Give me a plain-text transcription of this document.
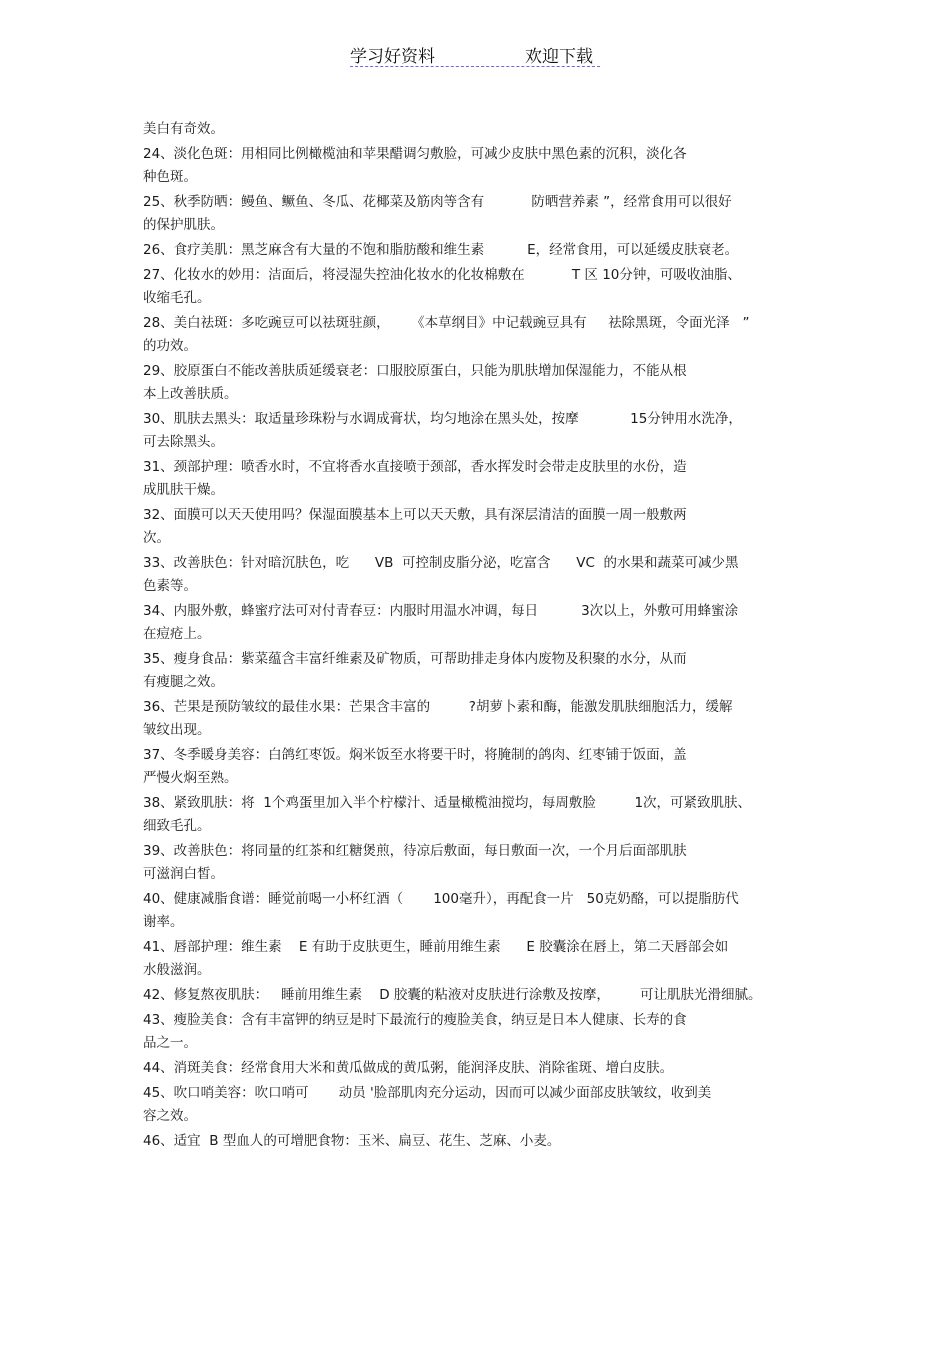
学习好资料	欢迎下载
美白有奇效。
24、淡化色斑：用相同比例橄榄油和苹果醋调匀敷脸，可减少皮肤中黑色素的沉积，淡化各
种色斑。
25、秋季防晒：鳗鱼、鳜鱼、冬瓜、花椰菜及筋肉等含有           防晒营养素 ”，经常食用可以很好
的保护肌肤。
26、食疗美肌：黑芝麻含有大量的不饱和脂肪酸和维生素          E，经常食用，可以延缓皮肤衰老。
27、化妆水的妙用：洁面后，将浸湿失控油化妆水的化妆棉敷在           T 区 10分钟，可吸收油脂、
收缩毛孔。
28、美白祛斑：多吃豌豆可以祛斑驻颜，     《本草纲目》中记载豌豆具有     祛除黑斑，令面光泽   ”
的功效。
29、胶原蛋白不能改善肤质延缓衰老：口服胶原蛋白，只能为肌肤增加保湿能力，不能从根
本上改善肤质。
30、肌肤去黑头：取适量珍珠粉与水调成膏状，均匀地涂在黑头处，按摩            15分钟用水洗净，
可去除黑头。
31、颈部护理：喷香水时，不宜将香水直接喷于颈部，香水挥发时会带走皮肤里的水份，造
成肌肤干燥。
32、面膜可以天天使用吗？保湿面膜基本上可以天天敷，具有深层清洁的面膜一周一般敷两
次。
33、改善肤色：针对暗沉肤色，吃      VB  可控制皮脂分泌，吃富含      VC  的水果和蔬菜可减少黑
色素等。
34、内服外敷，蜂蜜疗法可对付青春豆：内服时用温水冲调，每日          3次以上，外敷可用蜂蜜涂
在痘疮上。
35、瘦身食品：紫菜蕴含丰富纤维素及矿物质，可帮助排走身体内废物及积聚的水分，从而
有瘦腿之效。
36、芒果是预防皱纹的最佳水果：芒果含丰富的         ?胡萝卜素和酶，能激发肌肤细胞活力，缓解
皱纹出现。
37、冬季暖身美容：白鸽红枣饭。焖米饭至水将要干时，将腌制的鸽肉、红枣铺于饭面，盖
严慢火焖至熟。
38、紧致肌肤：将  1个鸡蛋里加入半个柠檬汁、适量橄榄油搅均，每周敷脸         1次，可紧致肌肤、
细致毛孔。
39、改善肤色：将同量的红茶和红糖煲煎，待凉后敷面，每日敷面一次，一个月后面部肌肤
可滋润白皙。
40、健康减脂食谱：睡觉前喝一小杯红酒（       100毫升），再配食一片   50克奶酪，可以提脂肪代
谢率。
41、唇部护理：维生素    E 有助于皮肤更生，睡前用维生素      E 胶囊涂在唇上，第二天唇部会如
水般滋润。
42、修复熬夜肌肤：   睡前用维生素    D 胶囊的粘液对皮肤进行涂敷及按摩，       可让肌肤光滑细腻。
43、瘦脸美食：含有丰富钾的纳豆是时下最流行的瘦脸美食，纳豆是日本人健康、长寿的食
品之一。
44、消斑美食：经常食用大米和黄瓜做成的黄瓜粥，能润泽皮肤、消除雀斑、增白皮肤。
45、吹口哨美容：吹口哨可       动员 '脸部肌肉充分运动，因而可以减少面部皮肤皱纹，收到美
容之效。
46、适宜  B 型血人的可增肥食物：玉米、扁豆、花生、芝麻、小麦。
